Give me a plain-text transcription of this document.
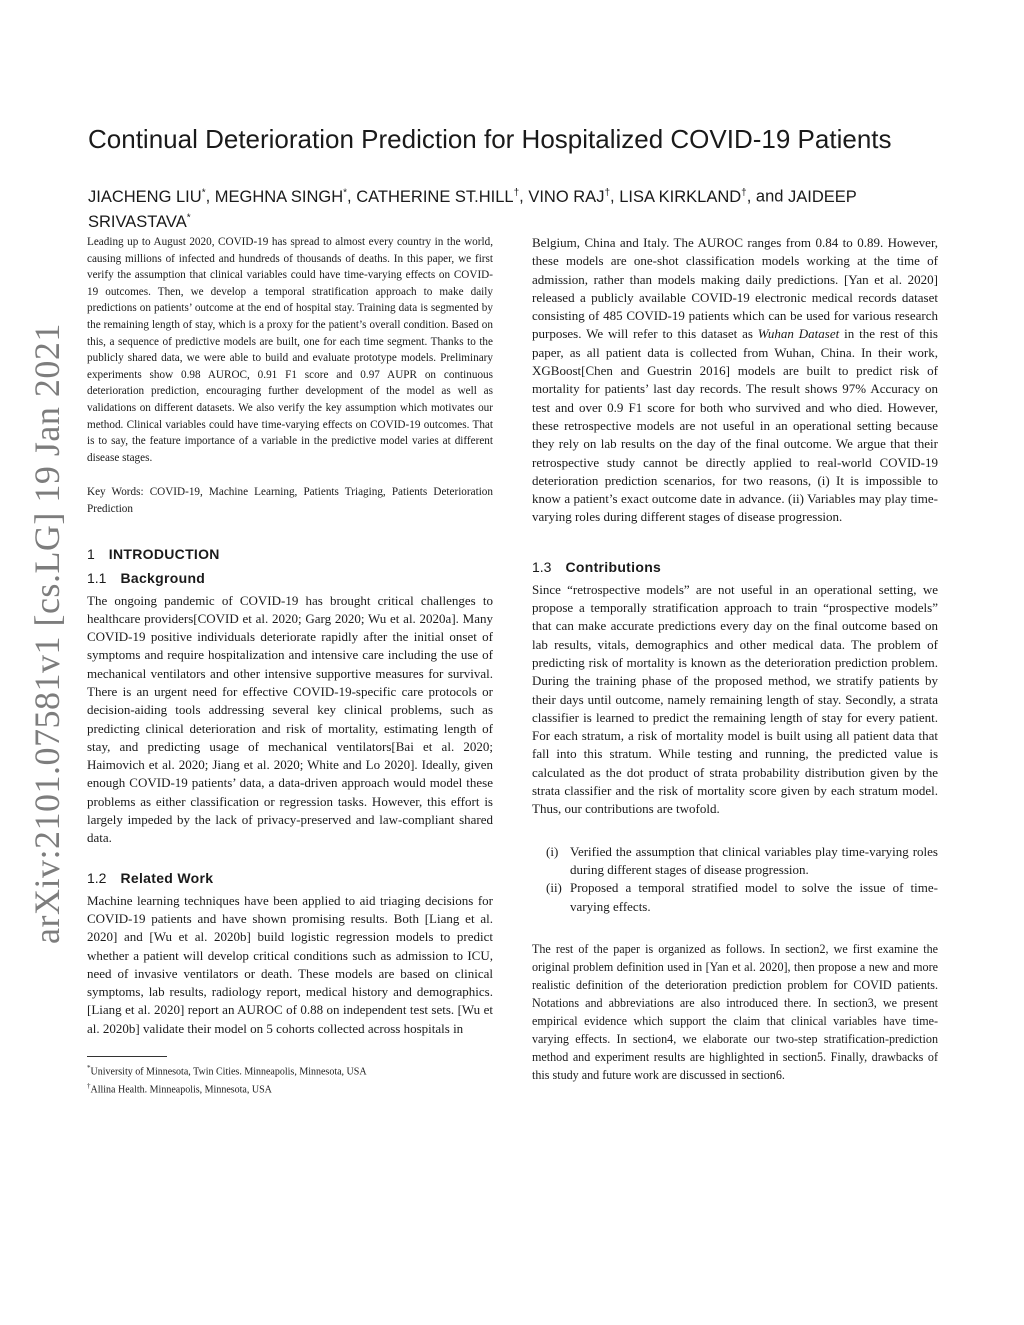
arXiv:2101.07581v1 [cs.LG] 19 Jan 2021
Continual Deterioration Prediction for Hospitalized COVID-19 Patients
JIACHENG LIU*, MEGHNA SINGH*, CATHERINE ST.HILL†, VINO RAJ†, LISA KIRKLAND†, and JAIDEEP SRIVASTAVA*

Leading up to August 2020, COVID-19 has spread to almost every country in the world, causing millions of infected and hundreds of thousands of deaths. In this paper, we first verify the assumption that clinical variables could have time-varying effects on COVID-19 outcomes. Then, we develop a temporal stratification approach to make daily predictions on patients’ outcome at the end of hospital stay. Training data is segmented by the remaining length of stay, which is a proxy for the patient’s overall condition. Based on this, a sequence of predictive models are built, one for each time segment. Thanks to the publicly shared data, we were able to build and evaluate prototype models. Preliminary experiments show 0.98 AUROC, 0.91 F1 score and 0.97 AUPR on continuous deterioration prediction, encouraging further development of the model as well as validations on different datasets. We also verify the key assumption which motivates our method. Clinical variables could have time-varying effects on COVID-19 outcomes. That is to say, the feature importance of a variable in the predictive model varies at different disease stages.

Key Words: COVID-19, Machine Learning, Patients Triaging, Patients Deterioration Prediction

1 INTRODUCTION
1.1 Background

The ongoing pandemic of COVID-19 has brought critical challenges to healthcare providers[COVID et al. 2020; Garg 2020; Wu et al. 2020a]. Many COVID-19 positive individuals deteriorate rapidly after the initial onset of symptoms and require hospitalization and intensive care including the use of mechanical ventilators and other intensive supportive measures for survival. There is an urgent need for effective COVID-19-specific care protocols or decision-aiding tools addressing several key clinical problems, such as predicting clinical deterioration and risk of mortality, estimating length of stay, and predicting usage of mechanical ventilators[Bai et al. 2020; Haimovich et al. 2020; Jiang et al. 2020; White and Lo 2020]. Ideally, given enough COVID-19 patients’ data, a data-driven approach would model these problems as either classification or regression tasks. However, this effort is largely impeded by the lack of privacy-preserved and law-compliant shared data.

1.2 Related Work

Machine learning techniques have been applied to aid triaging decisions for COVID-19 patients and have shown promising results. Both [Liang et al. 2020] and [Wu et al. 2020b] build logistic regression models to predict whether a patient will develop critical conditions such as admission to ICU, need of invasive ventilators or death. These models are based on clinical symptoms, lab results, radiology report, medical history and demographics. [Liang et al. 2020] report an AUROC of 0.88 on independent test sets. [Wu et al. 2020b] validate their model on 5 cohorts collected across hospitals in

*University of Minnesota, Twin Cities. Minneapolis, Minnesota, USA

†Allina Health. Minneapolis, Minnesota, USA

Belgium, China and Italy. The AUROC ranges from 0.84 to 0.89. However, these models are one-shot classification models working at the time of admission, rather than models making daily predictions. [Yan et al. 2020] released a publicly available COVID-19 electronic medical records dataset consisting of 485 COVID-19 patients which can be used for various research purposes. We will refer to this dataset as Wuhan Dataset in the rest of this paper, as all patient data is collected from Wuhan, China. In their work, XGBoost[Chen and Guestrin 2016] models are built to predict risk of mortality for patients’ last day records. The result shows 97% Accuracy on test and over 0.9 F1 score for both who survived and who died. However, these retrospective models are not useful in an operational setting because they rely on lab results on the day of the final outcome. We argue that their retrospective study cannot be directly applied to real-world COVID-19 deterioration prediction scenarios, for two reasons, (i) It is impossible to know a patient’s exact outcome date in advance. (ii) Variables may play time-varying roles during different stages of disease progression.

1.3 Contributions

Since “retrospective models” are not useful in an operational setting, we propose a temporally stratification approach to train “prospective models” that can make accurate predictions every day on the final outcome based on lab results, vitals, demographics and other medical data. The problem of predicting risk of mortality is known as the deterioration prediction problem. During the training phase of the proposed method, we stratify patients by their days until outcome, namely remaining length of stay. Secondly, a strata classifier is learned to predict the remaining length of stay for every patient. For each stratum, a risk of mortality model is built using all patient data that fall into this stratum. While testing and running, the predicted value is calculated as the dot product of strata probability distribution given by the strata classifier and the risk of mortality score given by each stratum model. Thus, our contributions are twofold.

(i) Verified the assumption that clinical variables play time-varying roles during different stages of disease progression.
(ii) Proposed a temporal stratified model to solve the issue of time-varying effects.

The rest of the paper is organized as follows. In section2, we first examine the original problem definition used in [Yan et al. 2020], then propose a new and more realistic definition of the deterioration prediction problem for COVID patients. Notations and abbreviations are also introduced there. In section3, we present empirical evidence which support the claim that clinical variables have time-varying effects. In section4, we elaborate our two-step stratification-prediction method and experiment results are highlighted in section5. Finally, drawbacks of this study and future work are discussed in section6.
